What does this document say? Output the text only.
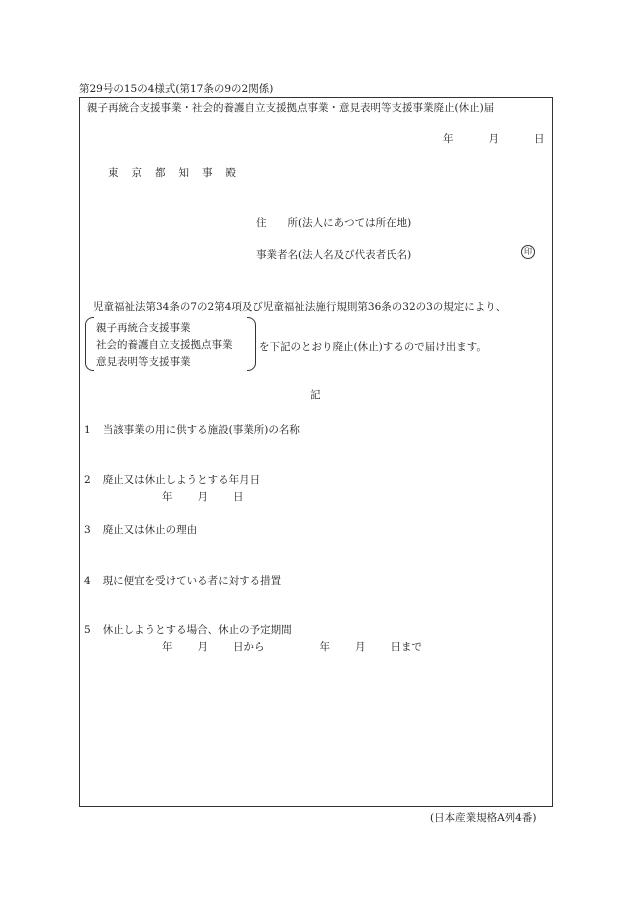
第29号の15の4様式(第17条の9の2関係)
親子再統合支援事業・社会的養護自立支援拠点事業・意見表明等支援事業廃止(休止)届
年	月	日
東京都知事殿
住　　所(法人にあつては所在地)
事業者名(法人名及び代表者氏名)	印
児童福祉法第34条の7の2第4項及び児童福祉法施行規則第36条の32の3の規定により、
親子再統合支援事業
社会的養護自立支援拠点事業
意見表明等支援事業
を下記のとおり廃止(休止)するので届け出ます。
記
1 当該事業の用に供する施設(事業所)の名称
2 廃止又は休止しようとする年月日
年 月 日
3 廃止又は休止の理由
4 現に便宜を受けている者に対する措置
5 休止しようとする場合、休止の予定期間
年 月 日から	年 月 日まで
(日本産業規格A列4番)
